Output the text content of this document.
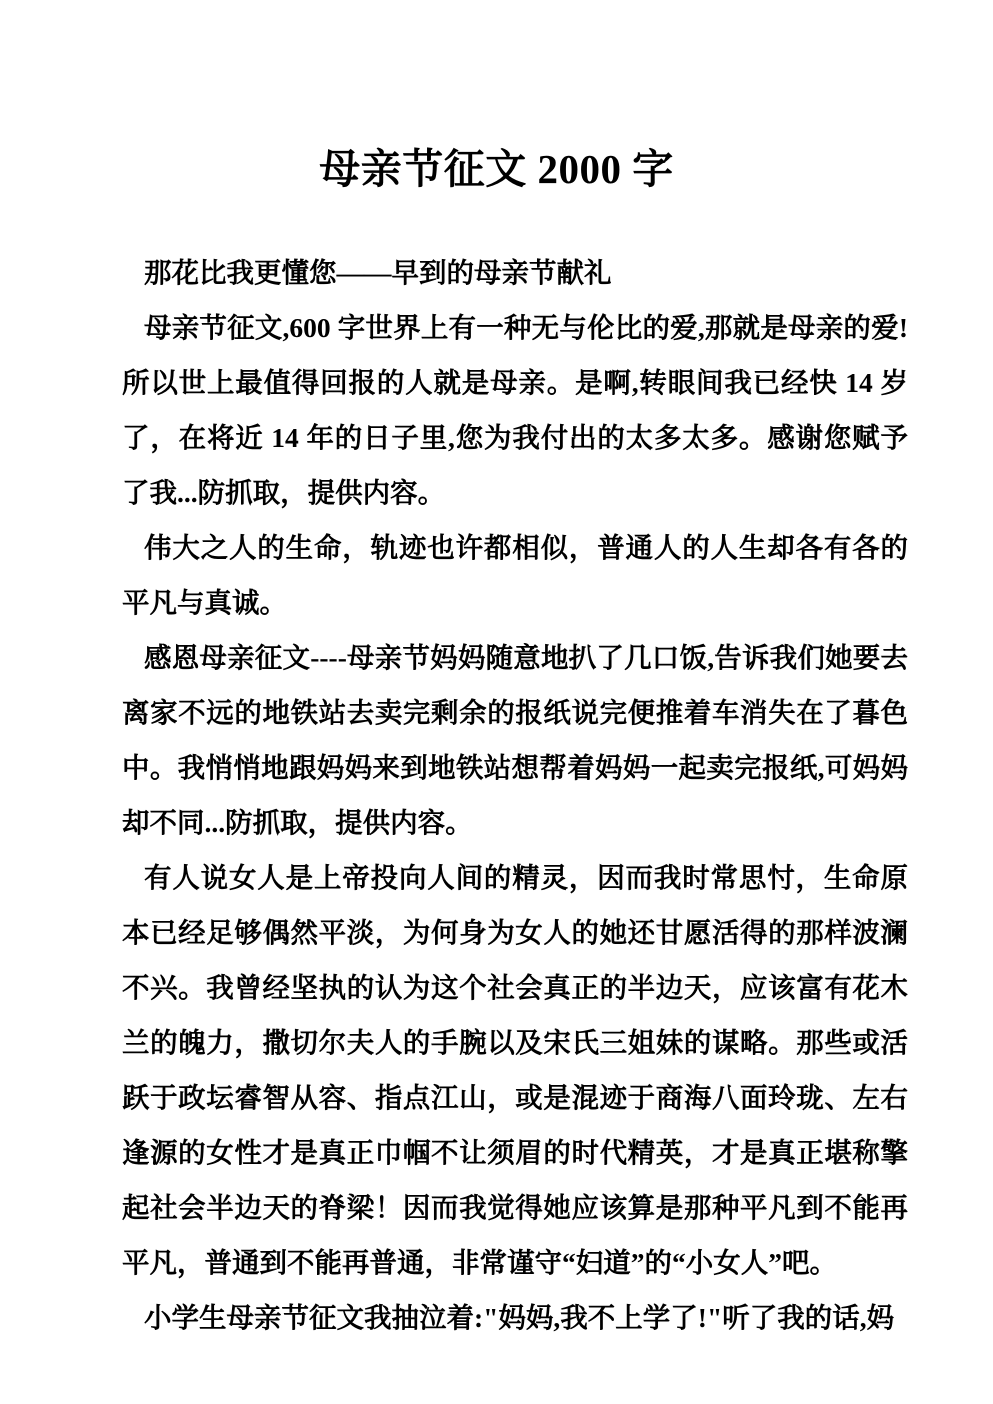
母亲节征文 2000 字

那花比我更懂您——早到的母亲节献礼

母亲节征文,600 字世界上有一种无与伦比的爱,那就是母亲的爱!所以世上最值得回报的人就是母亲。是啊,转眼间我已经快 14 岁了，在将近 14 年的日子里,您为我付出的太多太多。感谢您赋予了我...防抓取，提供内容。

伟大之人的生命，轨迹也许都相似，普通人的人生却各有各的平凡与真诚。

感恩母亲征文----母亲节妈妈随意地扒了几口饭,告诉我们她要去离家不远的地铁站去卖完剩余的报纸说完便推着车消失在了暮色中。我悄悄地跟妈妈来到地铁站想帮着妈妈一起卖完报纸,可妈妈却不同...防抓取，提供内容。

有人说女人是上帝投向人间的精灵，因而我时常思忖，生命原本已经足够偶然平淡，为何身为女人的她还甘愿活得的那样波澜不兴。我曾经坚执的认为这个社会真正的半边天，应该富有花木兰的魄力，撒切尔夫人的手腕以及宋氏三姐妹的谋略。那些或活跃于政坛睿智从容、指点江山，或是混迹于商海八面玲珑、左右逢源的女性才是真正巾帼不让须眉的时代精英，才是真正堪称擎起社会半边天的脊梁！因而我觉得她应该算是那种平凡到不能再平凡，普通到不能再普通，非常谨守“妇道”的“小女人”吧。

小学生母亲节征文我抽泣着:"妈妈,我不上学了!"听了我的话,妈
